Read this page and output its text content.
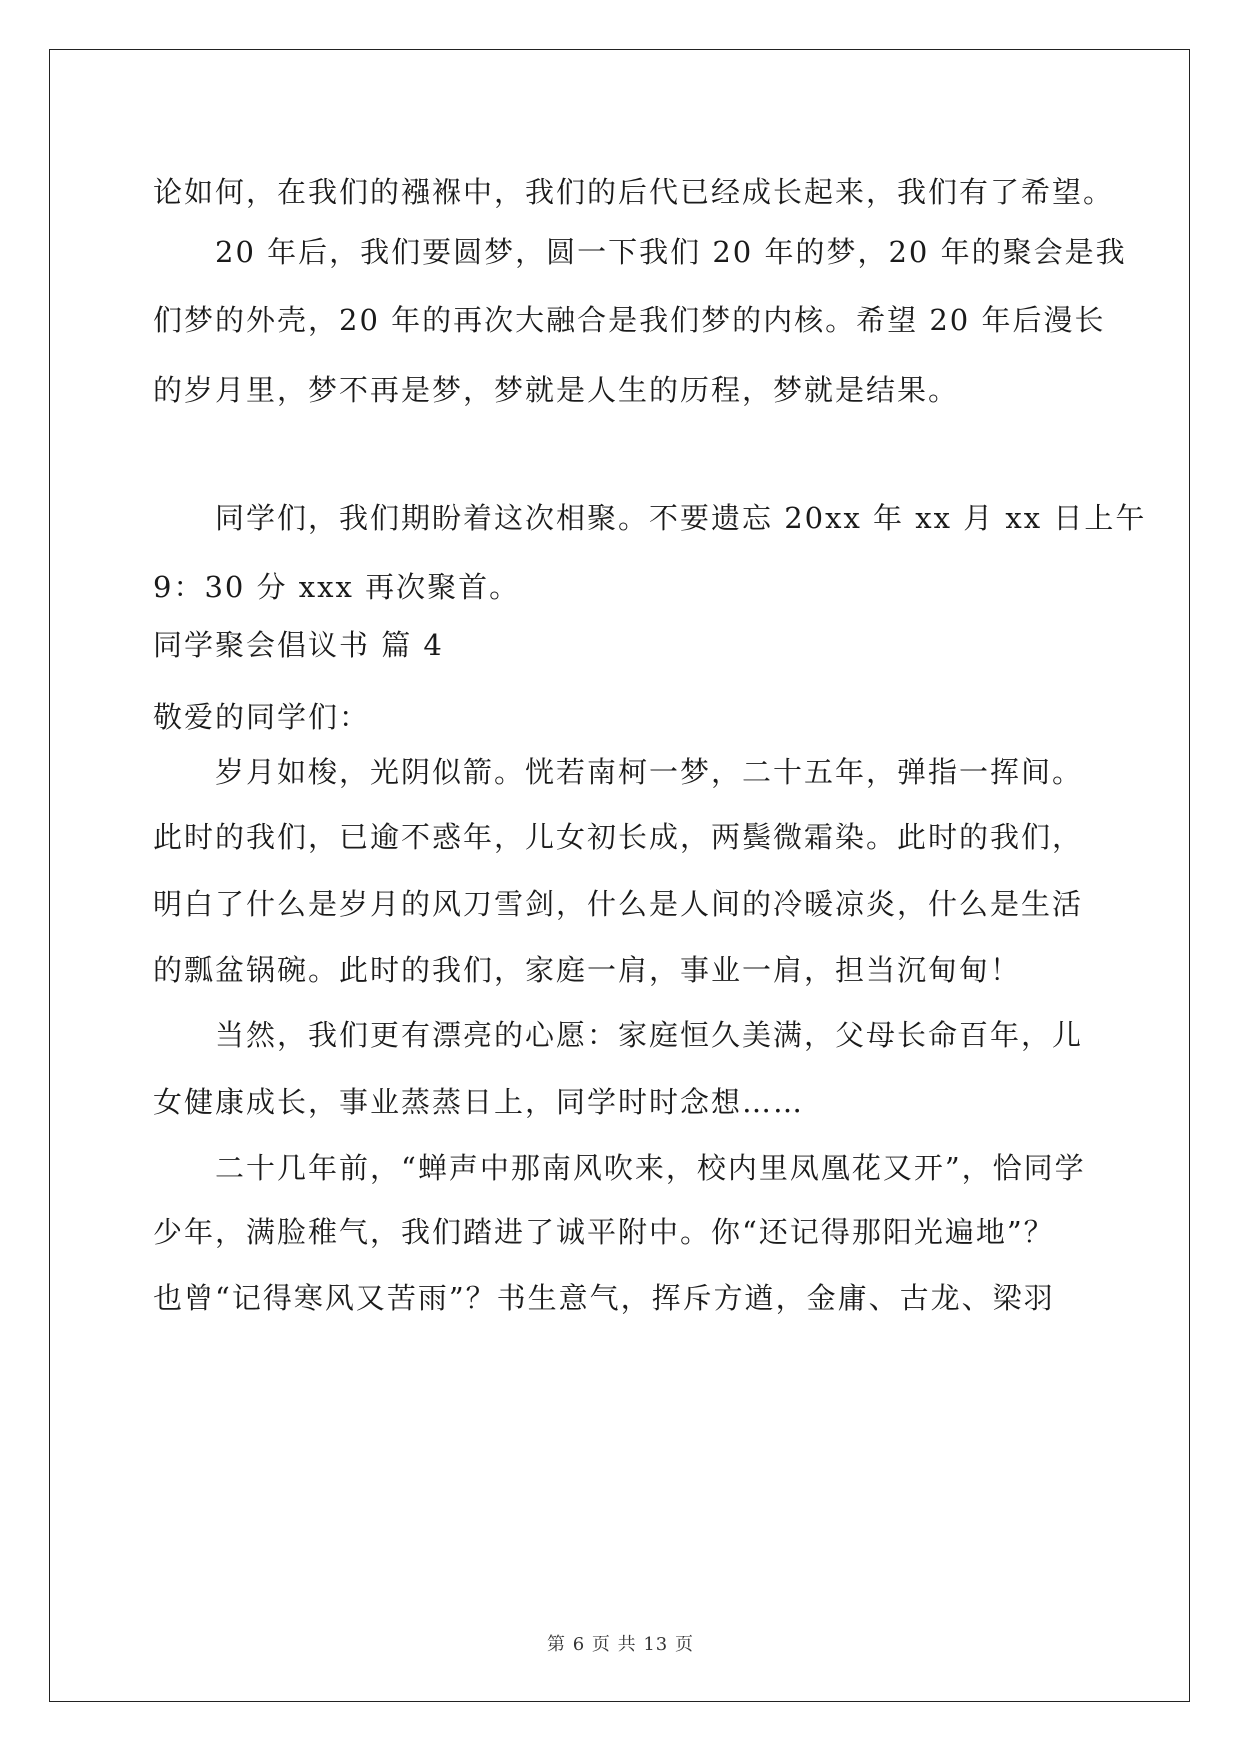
论如何，在我们的襁褓中，我们的后代已经成长起来，我们有了希望。
20 年后，我们要圆梦，圆一下我们 20 年的梦，20 年的聚会是我
们梦的外壳，20 年的再次大融合是我们梦的内核。希望 20 年后漫长
的岁月里，梦不再是梦，梦就是人生的历程，梦就是结果。
同学们，我们期盼着这次相聚。不要遗忘 20xx 年 xx 月 xx 日上午
9：30 分 xxx 再次聚首。
同学聚会倡议书 篇 4
敬爱的同学们：
岁月如梭，光阴似箭。恍若南柯一梦，二十五年，弹指一挥间。
此时的我们，已逾不惑年，儿女初长成，两鬓微霜染。此时的我们，
明白了什么是岁月的风刀雪剑，什么是人间的冷暖凉炎，什么是生活
的瓢盆锅碗。此时的我们，家庭一肩，事业一肩，担当沉甸甸！
当然，我们更有漂亮的心愿：家庭恒久美满，父母长命百年，儿
女健康成长，事业蒸蒸日上，同学时时念想……
二十几年前，“蝉声中那南风吹来，校内里凤凰花又开”，恰同学
少年，满脸稚气，我们踏进了诚平附中。你“还记得那阳光遍地”？
也曾“记得寒风又苦雨”？书生意气，挥斥方遒，金庸、古龙、梁羽
第 6 页 共 13 页
